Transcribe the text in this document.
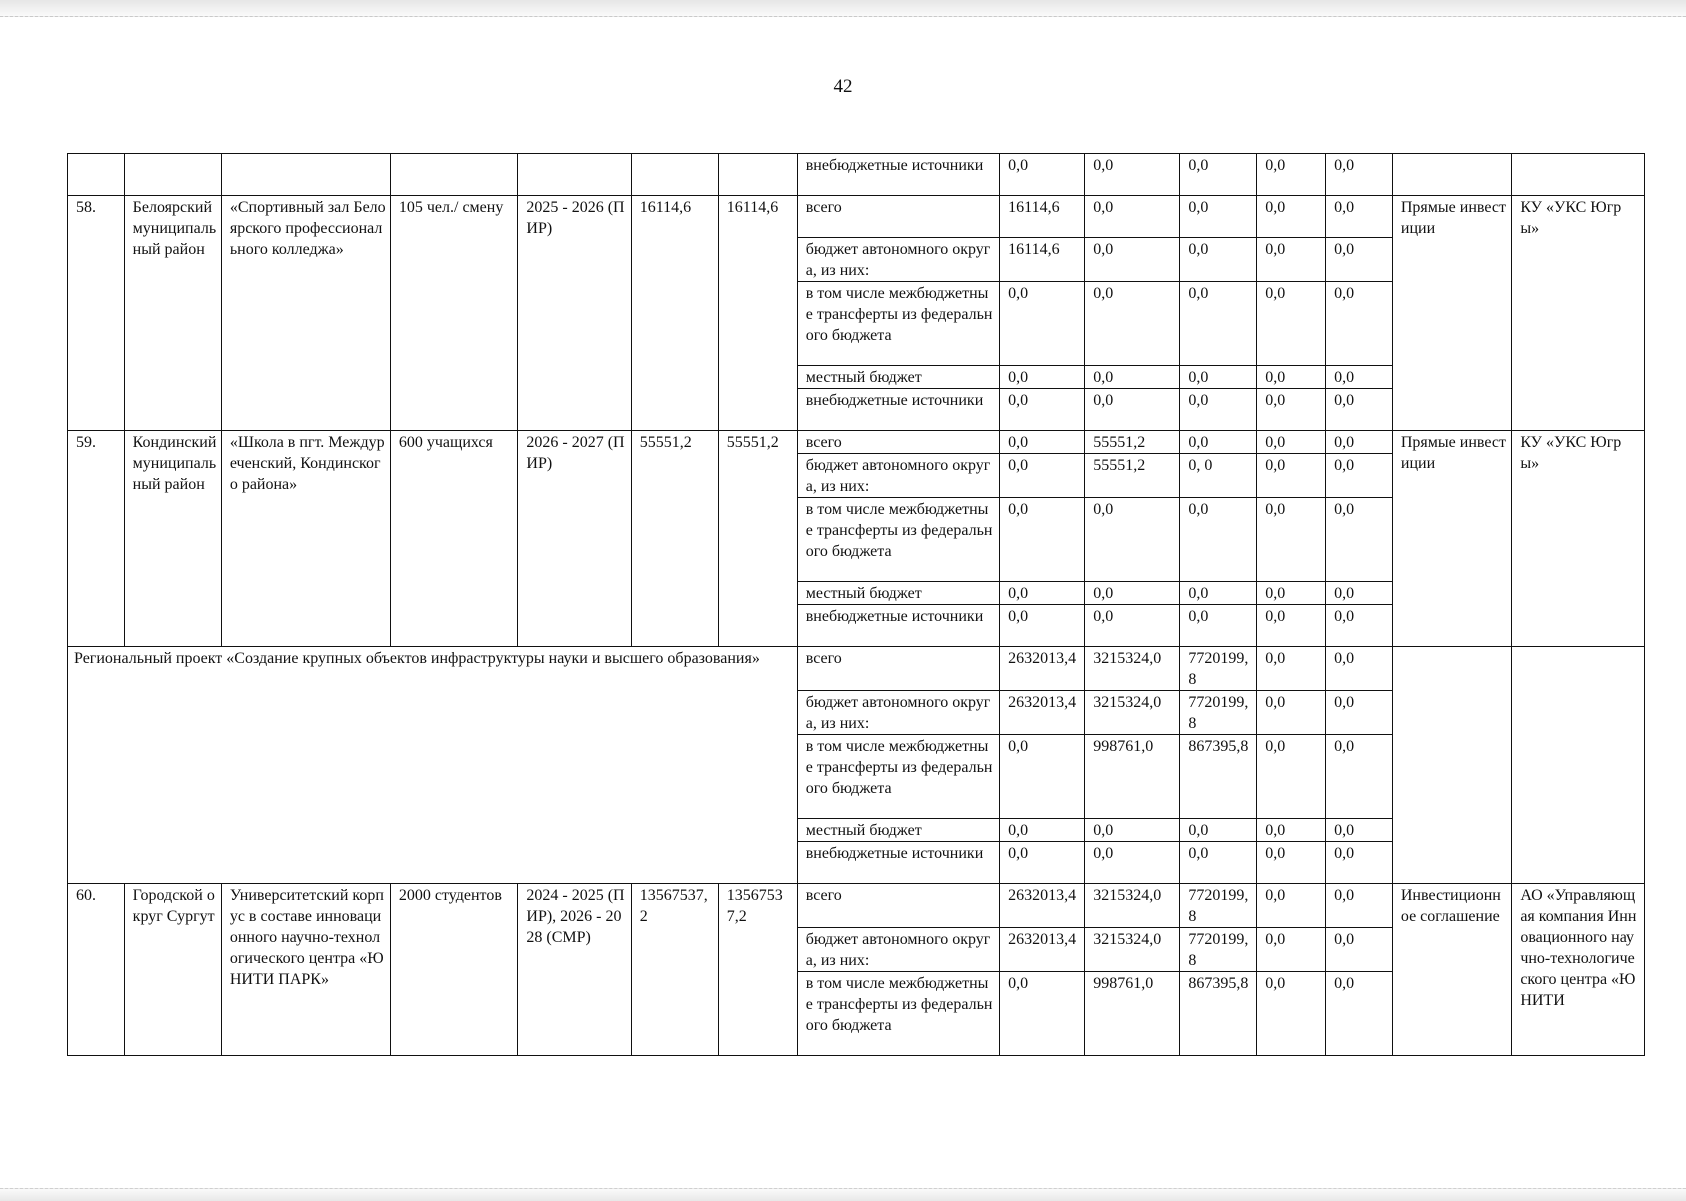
42
							внебюджетные источники	0,0	0,0	0,0	0,0	0,0		
58.	Белоярский муниципальный район	«Спортивный зал Белоярского профессионального колледжа»	105 чел./ смену	2025 - 2026 (ПИР)	16114,6	16114,6	всего	16114,6	0,0	0,0	0,0	0,0	Прямые инвестиции	КУ «УКС Югры»
							бюджет автономного округа, из них:	16114,6	0,0	0,0	0,0	0,0		
							в том числе межбюджетные трансферты из федерального бюджета	0,0	0,0	0,0	0,0	0,0		
							местный бюджет	0,0	0,0	0,0	0,0	0,0		
							внебюджетные источники	0,0	0,0	0,0	0,0	0,0		
59.	Кондинский муниципальный район	«Школа в пгт. Междуреченский, Кондинского района»	600 учащихся	2026 - 2027 (ПИР)	55551,2	55551,2	всего	0,0	55551,2	0,0	0,0	0,0	Прямые инвестиции	КУ «УКС Югры»
							бюджет автономного округа, из них:	0,0	55551,2	0, 0	0,0	0,0		
							в том числе межбюджетные трансферты из федерального бюджета	0,0	0,0	0,0	0,0	0,0		
							местный бюджет	0,0	0,0	0,0	0,0	0,0		
							внебюджетные источники	0,0	0,0	0,0	0,0	0,0		
Региональный проект «Создание крупных объектов инфраструктуры науки и высшего образования»							всего	2632013,4	3215324,0	7720199,8	0,0	0,0		
							бюджет автономного округа, из них:	2632013,4	3215324,0	7720199,8	0,0	0,0		
							в том числе межбюджетные трансферты из федерального бюджета	0,0	998761,0	867395,8	0,0	0,0		
							местный бюджет	0,0	0,0	0,0	0,0	0,0		
							внебюджетные источники	0,0	0,0	0,0	0,0	0,0		
60.	Городской округ Сургут	Университетский корпус в составе инновационного научно-технологического центра «ЮНИТИ ПАРК»	2000 студентов	2024 - 2025 (ПИР), 2026 - 2028 (СМР)	13567537,2	13567537,2	всего	2632013,4	3215324,0	7720199,8	0,0	0,0	Инвестиционное соглашение	АО «Управляющая компания Инновационного научно-технологического центра «ЮНИТИ
							бюджет автономного округа, из них:	2632013,4	3215324,0	7720199,8	0,0	0,0		
							в том числе межбюджетные трансферты из федерального бюджета	0,0	998761,0	867395,8	0,0	0,0		
